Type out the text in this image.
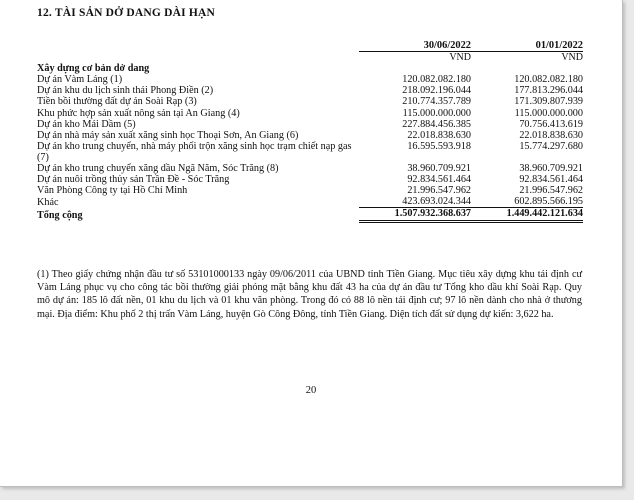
12. TÀI SẢN DỞ DANG DÀI HẠN
	30/06/2022	01/01/2022
	VND	VND
Xây dựng cơ bản dở dang		
Dự án Vàm Láng (1)	120.082.082.180	120.082.082.180
Dự án khu du lịch sinh thái Phong Điền (2)	218.092.196.044	177.813.296.044
Tiền bồi thường đất dự án Soài Rạp (3)	210.774.357.789	171.309.807.939
Khu phức hợp sản xuất nông sản tại An Giang (4)	115.000.000.000	115.000.000.000
Dự án kho Mái Dầm (5)	227.884.456.385	70.756.413.619
Dự án nhà máy sản xuất xăng sinh học Thoại Sơn, An Giang (6)	22.018.838.630	22.018.838.630
Dự án kho trung chuyển, nhà máy phối trộn xăng sinh học trạm chiết nạp gas	16.595.593.918	15.774.297.680
(7)		
Dự án kho trung chuyển xăng dầu Ngã Năm, Sóc Trăng (8)	38.960.709.921	38.960.709.921
Dự án nuôi trồng thủy sản Trần Đề - Sóc Trăng	92.834.561.464	92.834.561.464
Văn Phòng Công ty tại Hồ Chí Minh	21.996.547.962	21.996.547.962
Khác	423.693.024.344	602.895.566.195
Tổng cộng	1.507.932.368.637	1.449.442.121.634
(1) Theo giấy chứng nhận đầu tư số 53101000133 ngày 09/06/2011 của UBND tỉnh Tiền Giang. Mục tiêu xây dựng khu tái định cư Vàm Láng phục vụ cho công tác bồi thường giải phóng mặt bằng khu đất 43 ha của dự án đầu tư Tổng kho dầu khí Soài Rạp. Quy mô dự án: 185 lô đất nền, 01 khu du lịch và 01 khu văn phòng. Trong đó có 88 lô nền tái định cư; 97 lô nền dành cho nhà ở thương mại. Địa điểm: Khu phố 2 thị trấn Vàm Láng, huyện Gò Công Đông, tỉnh Tiền Giang. Diện tích đất sử dụng dự kiến: 3,622 ha.
20
